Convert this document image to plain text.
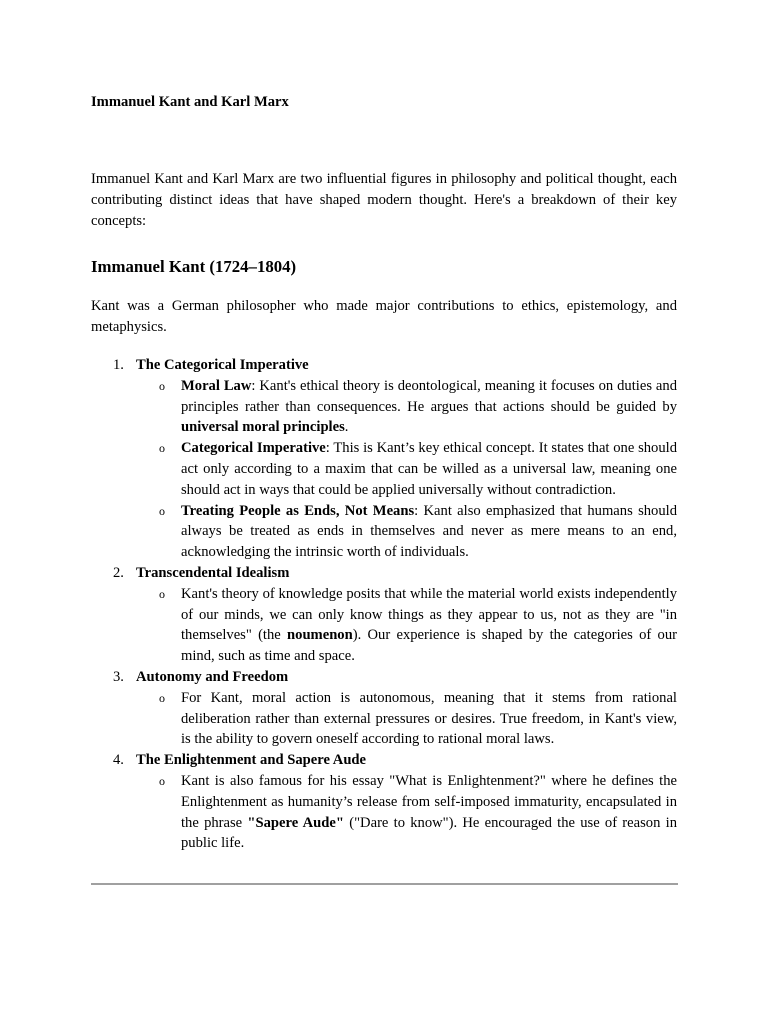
Immanuel Kant and Karl Marx

Immanuel Kant and Karl Marx are two influential figures in philosophy and political thought, each contributing distinct ideas that have shaped modern thought. Here's a breakdown of their key concepts:

Immanuel Kant (1724–1804)

Kant was a German philosopher who made major contributions to ethics, epistemology, and metaphysics.

1. The Categorical Imperative
o Moral Law: Kant's ethical theory is deontological, meaning it focuses on duties and principles rather than consequences. He argues that actions should be guided by universal moral principles.
o Categorical Imperative: This is Kant’s key ethical concept. It states that one should act only according to a maxim that can be willed as a universal law, meaning one should act in ways that could be applied universally without contradiction.
o Treating People as Ends, Not Means: Kant also emphasized that humans should always be treated as ends in themselves and never as mere means to an end, acknowledging the intrinsic worth of individuals.
2. Transcendental Idealism
o Kant's theory of knowledge posits that while the material world exists independently of our minds, we can only know things as they appear to us, not as they are "in themselves" (the noumenon). Our experience is shaped by the categories of our mind, such as time and space.
3. Autonomy and Freedom
o For Kant, moral action is autonomous, meaning that it stems from rational deliberation rather than external pressures or desires. True freedom, in Kant's view, is the ability to govern oneself according to rational moral laws.
4. The Enlightenment and Sapere Aude
o Kant is also famous for his essay "What is Enlightenment?" where he defines the Enlightenment as humanity’s release from self-imposed immaturity, encapsulated in the phrase "Sapere Aude" ("Dare to know"). He encouraged the use of reason in public life.
